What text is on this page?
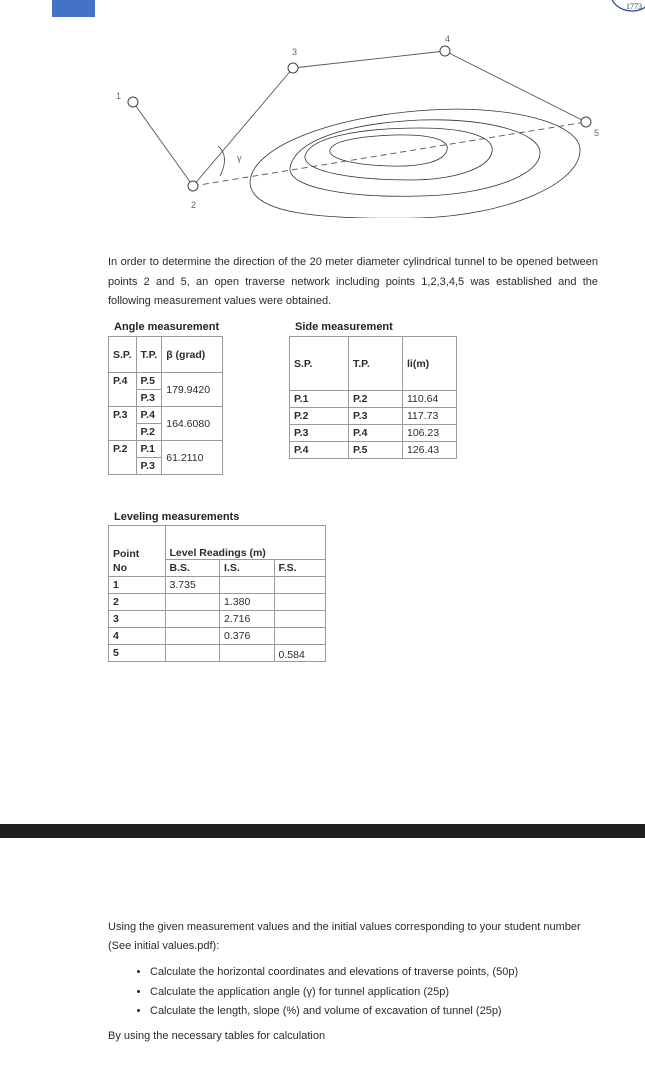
1773
1
2
3
4
5
γ
In order to determine the direction of the 20 meter diameter cylindrical tunnel to be opened between points 2 and 5, an open traverse network including points 1,2,3,4,5 was established and the following measurement values were obtained.
Angle measurement
S.P.	T.P.	β (grad)
P.4	P.5	179.9420
	P.3	
P.3	P.4	164.6080
	P.2	
P.2	P.1	61.2110
	P.3	
Side measurement
S.P.	T.P.	li(m)
P.1	P.2	110.64
P.2	P.3	117.73
P.3	P.4	106.23
P.4	P.5	126.43
Leveling measurements
Point	Level Readings (m)		
No	B.S.	I.S.	F.S.
1	3.735		
2		1.380	
3		2.716	
4		0.376	
5			0.584
Using the given measurement values and the initial values corresponding to your student number (See initial values.pdf):
• Calculate the horizontal coordinates and elevations of traverse points, (50p)
• Calculate the application angle (γ) for tunnel application (25p)
• Calculate the length, slope (%) and volume of excavation of tunnel (25p)
By using the necessary tables for calculation
